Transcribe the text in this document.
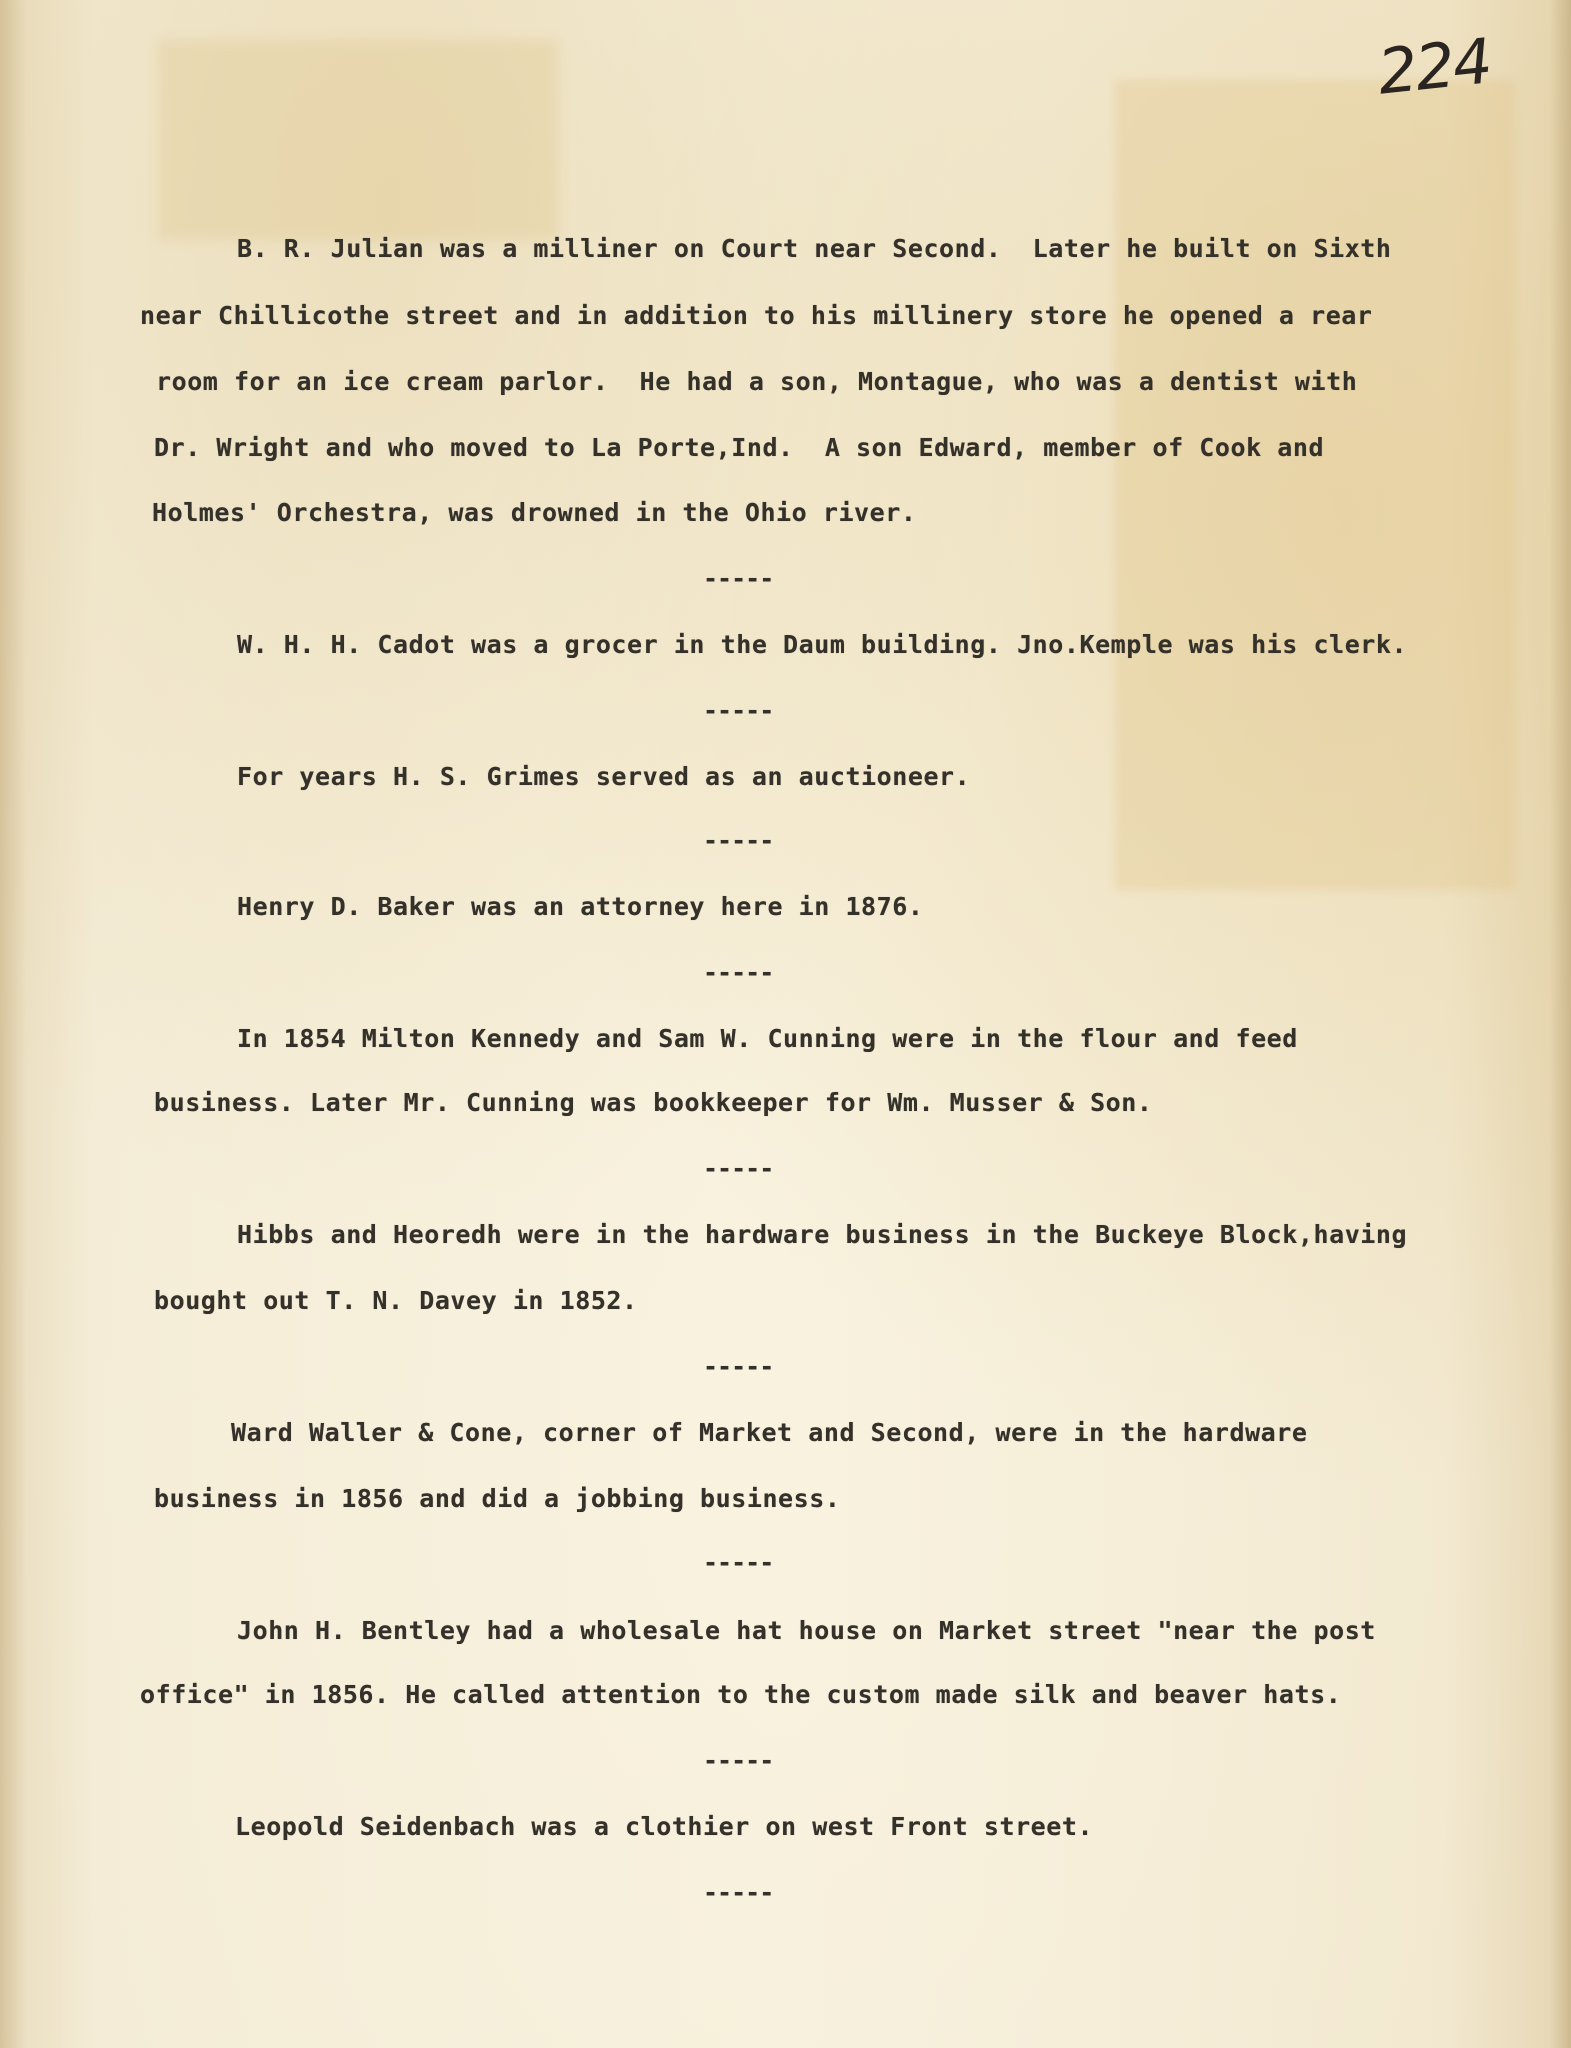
224
B. R. Julian was a milliner on Court near Second.  Later he built on Sixth
near Chillicothe street and in addition to his millinery store he opened a rear
room for an ice cream parlor.  He had a son, Montague, who was a dentist with
Dr. Wright and who moved to La Porte,Ind.  A son Edward, member of Cook and
Holmes' Orchestra, was drowned in the Ohio river.
-----
W. H. H. Cadot was a grocer in the Daum building. Jno.Kemple was his clerk.
-----
For years H. S. Grimes served as an auctioneer.
-----
Henry D. Baker was an attorney here in 1876.
-----
In 1854 Milton Kennedy and Sam W. Cunning were in the flour and feed
business. Later Mr. Cunning was bookkeeper for Wm. Musser & Son.
-----
Hibbs and Heoredh were in the hardware business in the Buckeye Block,having
bought out T. N. Davey in 1852.
-----
Ward Waller & Cone, corner of Market and Second, were in the hardware
business in 1856 and did a jobbing business.
-----
John H. Bentley had a wholesale hat house on Market street "near the post
office" in 1856. He called attention to the custom made silk and beaver hats.
-----
Leopold Seidenbach was a clothier on west Front street.
-----
